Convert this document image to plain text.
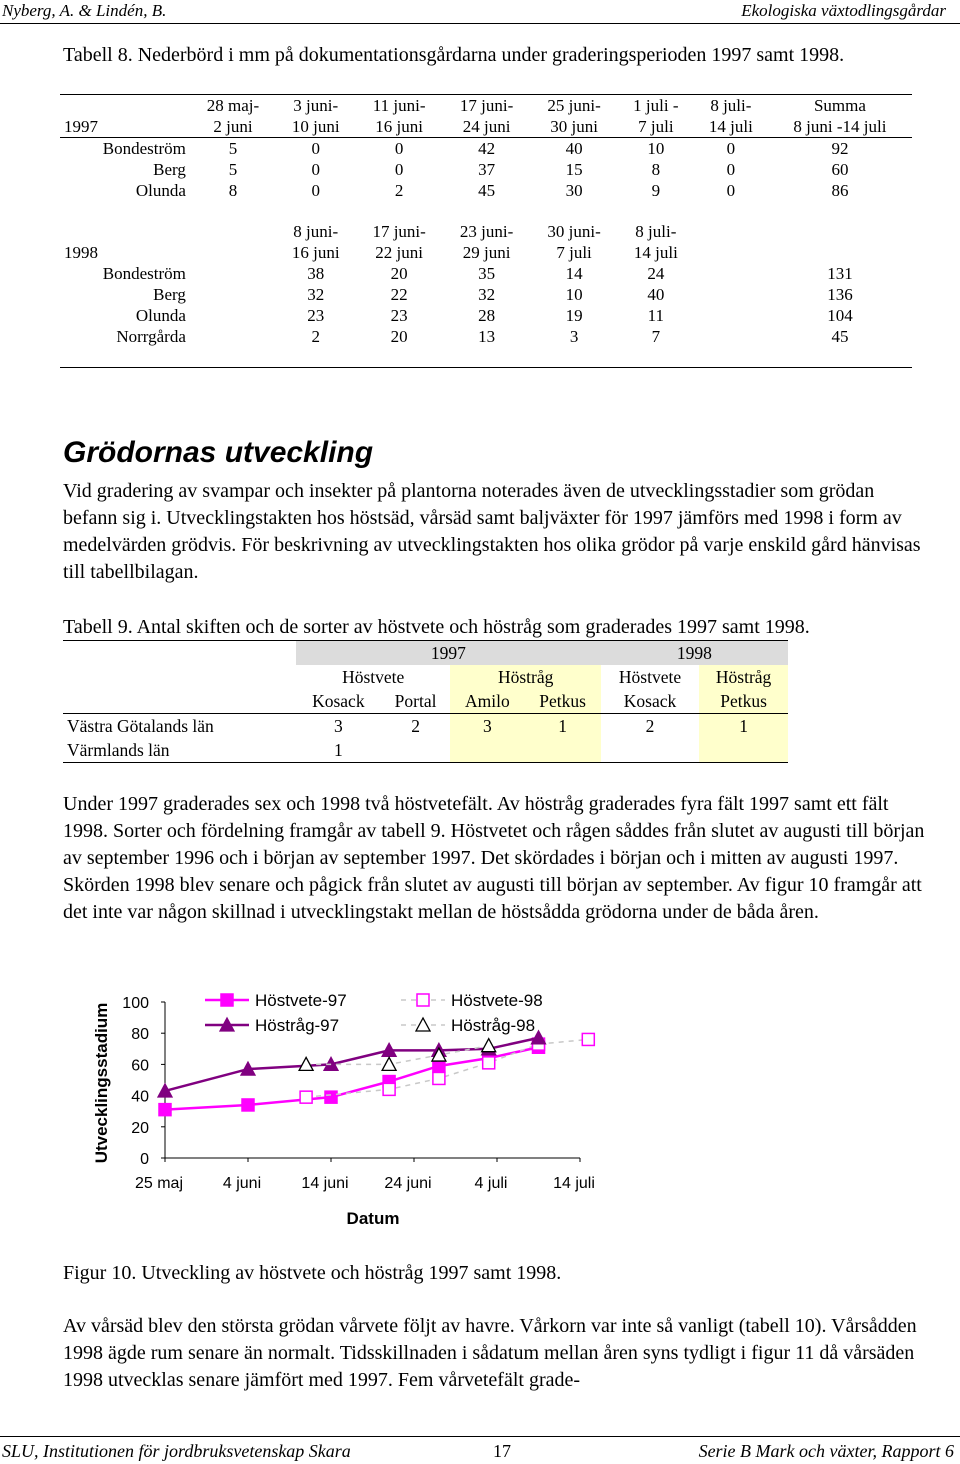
Nyberg, A. & Lindén, B.	Ekologiska växtodlingsgårdar
Tabell 8. Nederbörd i mm på dokumentationsgårdarna under graderingsperioden 1997 samt 1998.
		28 maj-	3 juni-	11 juni-	17 juni-	25 juni-	1 juli -	8 juli-	Summa
1997		2 juni	10 juni	16 juni	24 juni	30 juni	7 juli	14 juli	8 juni -14 juli
Bondeström		5	0	0	42	40	10	0	92
Berg		5	0	0	37	15	8	0	60
Olunda		8	0	2	45	30	9	0	86

			8 juni-	17 juni-	23 juni-	30 juni-	8 juli-		
1998			16 juni	22 juni	29 juni	7 juli	14 juli		
Bondeström			38	20	35	14	24		131
Berg			32	22	32	10	40		136
Olunda			23	23	28	19	11		104
Norrgårda			2	20	13	3	7		45

Grödornas utveckling
Vid gradering av svampar och insekter på plantorna noterades även de utvecklingsstadier som grödan befann sig i. Utvecklingstakten hos höstsäd, vårsäd samt baljväxter för 1997 jämförs med 1998 i form av medelvärden grödvis. För beskrivning av utvecklingstakten hos olika grödor på varje enskild gård hänvisas till tabellbilagan.
Tabell 9. Antal skiften och de sorter av höstvete och höstråg som graderades 1997 samt 1998.
	1997				1998	
	Höstvete		Höstråg		Höstvete	Höstråg
	Kosack	Portal	Amilo	Petkus	Kosack	Petkus
Västra Götalands län	3	2	3	1	2	1
Värmlands län	1					
Under 1997 graderades sex och 1998 två höstvetefält. Av höstråg graderades fyra fält 1997 samt ett fält 1998. Sorter och fördelning framgår av tabell 9. Höstvetet och rågen såddes från slutet av augusti till början av september 1996 och i början av september 1997. Det skördades i början och i mitten av augusti 1997. Skörden 1998 blev senare och pågick från slutet av augusti till början av september. Av figur 10 framgår att det inte var någon skillnad i utvecklingstakt mellan de höstsådda grödorna under de båda åren.
0
20
40
60
80
100
25 maj 4 juni	14 juni 24 juni	4 juli	14 juli
Datum
Utvecklingsstadium
Höstvete-97
Höstråg-97
Höstvete-98
Höstråg-98
Figur 10. Utveckling av höstvete och höstråg 1997 samt 1998.
Av vårsäd blev den största grödan vårvete följt av havre. Vårkorn var inte så vanligt (tabell 10). Vårsådden 1998 ägde rum senare än normalt. Tidsskillnaden i sådatum mellan åren syns tydligt i figur 11 då vårsäden 1998 utvecklas senare jämfört med 1997. Fem vårvetefält grade-
SLU, Institutionen för jordbruksvetenskap Skara	17	Serie B Mark och växter, Rapport 6
